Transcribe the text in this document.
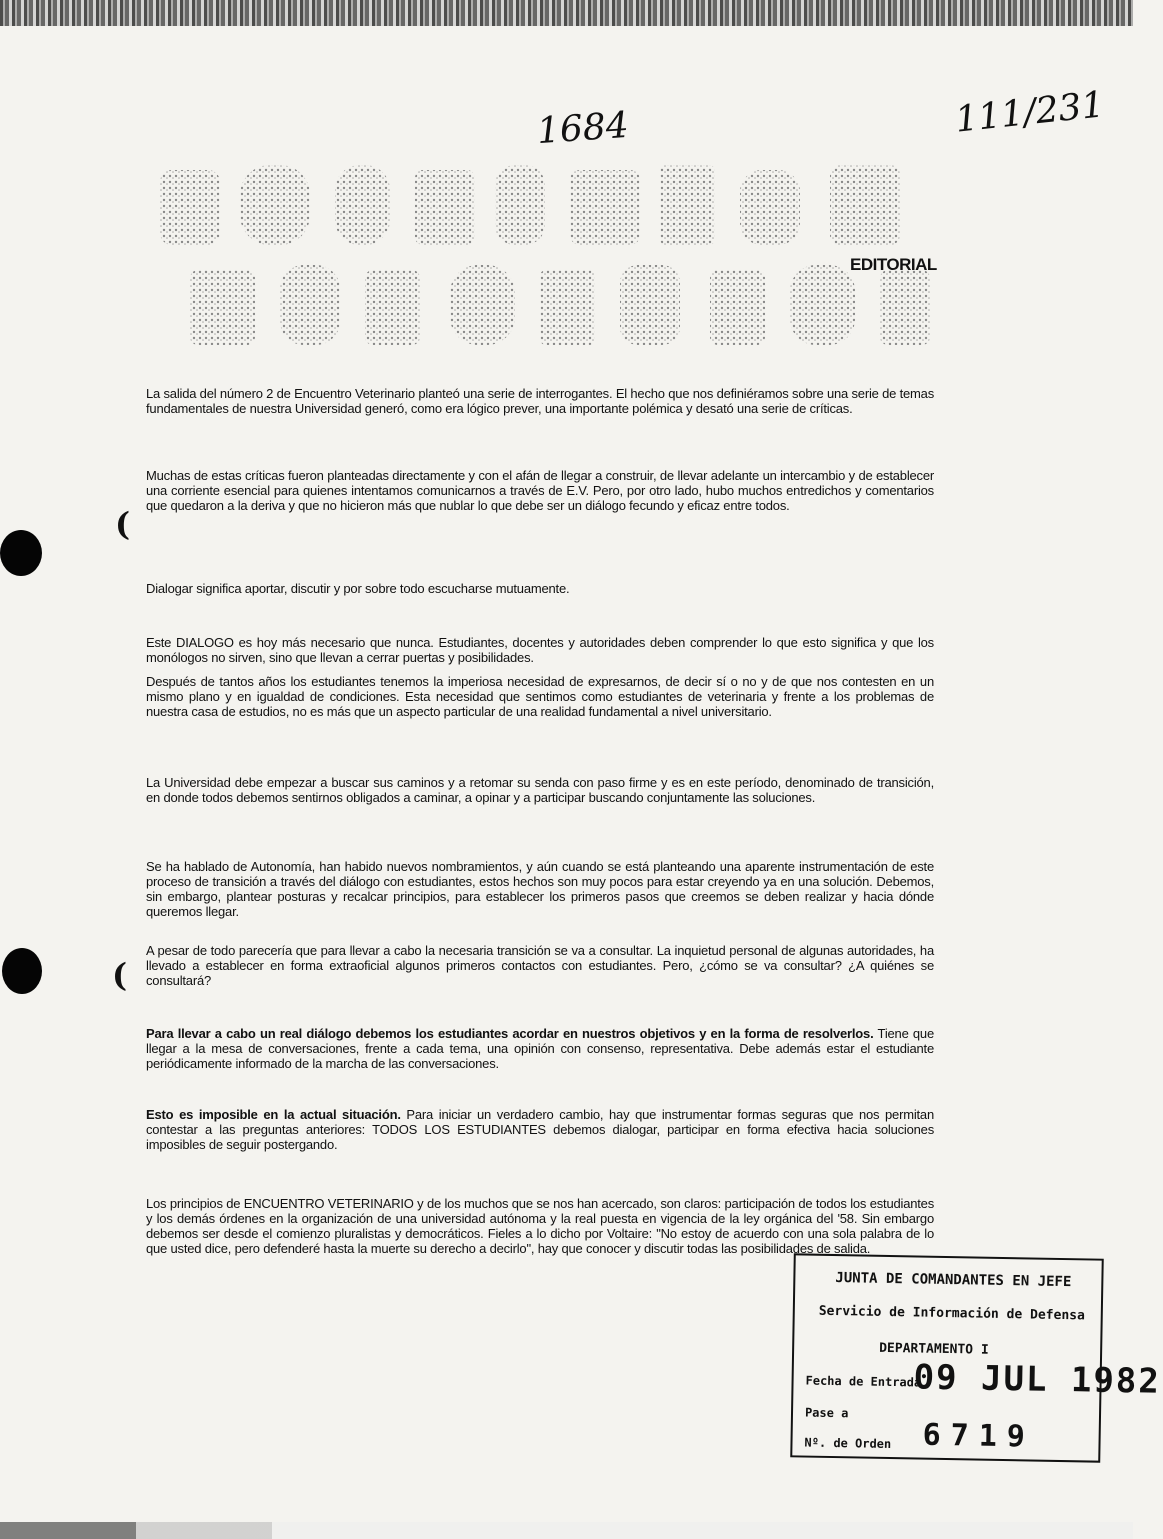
1684	111/231
EDITORIAL
(
(

La salida del número 2 de Encuentro Veterinario planteó una serie de interrogantes. El hecho que nos definiéramos sobre una serie de temas fundamentales de nuestra Universidad generó, como era lógico prever, una importante polémica y desató una serie de críticas.

Muchas de estas críticas fueron planteadas directamente y con el afán de llegar a construir, de llevar adelante un intercambio y de establecer una corriente esencial para quienes intentamos comunicarnos a través de E.V. Pero, por otro lado, hubo muchos entredichos y comentarios que quedaron a la deriva y que no hicieron más que nublar lo que debe ser un diálogo fecundo y eficaz entre todos.

Dialogar significa aportar, discutir y por sobre todo escucharse mutuamente.

Este DIALOGO es hoy más necesario que nunca. Estudiantes, docentes y autoridades deben comprender lo que esto significa y que los monólogos no sirven, sino que llevan a cerrar puertas y posibilidades.

Después de tantos años los estudiantes tenemos la imperiosa necesidad de expresarnos, de decir sí o no y de que nos contesten en un mismo plano y en igualdad de condiciones. Esta necesidad que sentimos como estudiantes de veterinaria y frente a los problemas de nuestra casa de estudios, no es más que un aspecto particular de una realidad fundamental a nivel universitario.

La Universidad debe empezar a buscar sus caminos y a retomar su senda con paso firme y es en este período, denominado de transición, en donde todos debemos sentirnos obligados a caminar, a opinar y a participar buscando conjuntamente las soluciones.

Se ha hablado de Autonomía, han habido nuevos nombramientos, y aún cuando se está planteando una aparente instrumentación de este proceso de transición a través del diálogo con estudiantes, estos hechos son muy pocos para estar creyendo ya en una solución. Debemos, sin embargo, plantear posturas y recalcar principios, para establecer los primeros pasos que creemos se deben realizar y hacia dónde queremos llegar.

A pesar de todo parecería que para llevar a cabo la necesaria transición se va a consultar. La inquietud personal de algunas autoridades, ha llevado a establecer en forma extraoficial algunos primeros contactos con estudiantes. Pero, ¿cómo se va consultar? ¿A quiénes se consultará?

Para llevar a cabo un real diálogo debemos los estudiantes acordar en nuestros objetivos y en la forma de resolverlos. Tiene que llegar a la mesa de conversaciones, frente a cada tema, una opinión con consenso, representativa. Debe además estar el estudiante periódicamente informado de la marcha de las conversaciones.

Esto es imposible en la actual situación. Para iniciar un verdadero cambio, hay que instrumentar formas seguras que nos permitan contestar a las preguntas anteriores: TODOS LOS ESTUDIANTES debemos dialogar, participar en forma efectiva hacia soluciones imposibles de seguir postergando.

Los principios de ENCUENTRO VETERINARIO y de los muchos que se nos han acercado, son claros: participación de todos los estudiantes y los demás órdenes en la organización de una universidad autónoma y la real puesta en vigencia de la ley orgánica del '58. Sin embargo debemos ser desde el comienzo pluralistas y democráticos. Fieles a lo dicho por Voltaire: "No estoy de acuerdo con una sola palabra de lo que usted dice, pero defenderé hasta la muerte su derecho a decirlo", hay que conocer y discutir todas las posibilidades de salida.

JUNTA DE COMANDANTES EN JEFE
Servicio de Información de Defensa
DEPARTAMENTO I
Fecha de Entrada
09 JUL 1982
Pase a
Nº. de Orden 6719
